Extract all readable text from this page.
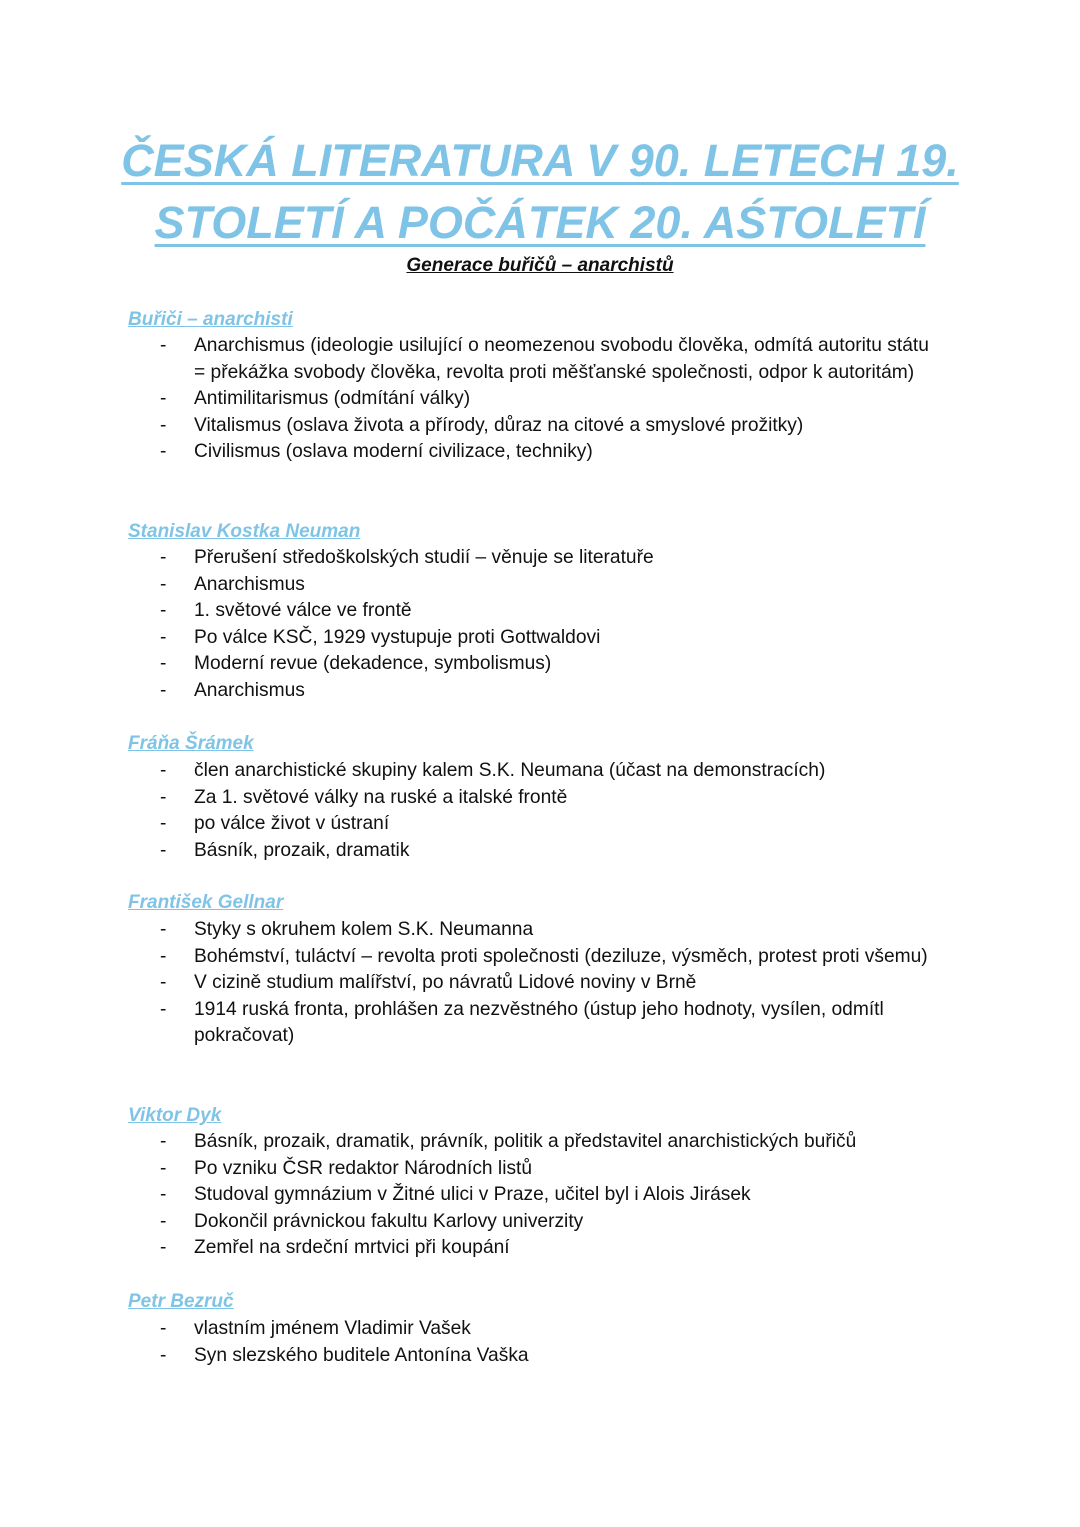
ČESKÁ LITERATURA V 90. LETECH 19.
STOLETÍ A POČÁTEK 20. AŚTOLETÍ
Generace buřičů – anarchistů
Buřiči – anarchisti
- Anarchismus (ideologie usilující o neomezenou svobodu člověka, odmítá autoritu státu = překážka svobody člověka, revolta proti měšťanské společnosti, odpor k autoritám)
- Antimilitarismus (odmítání války)
- Vitalismus (oslava života a přírody, důraz na citové a smyslové prožitky)
- Civilismus (oslava moderní civilizace, techniky)
Stanislav Kostka Neuman
- Přerušení středoškolských studií – věnuje se literatuře
- Anarchismus
- 1. světové válce ve frontě
- Po válce KSČ, 1929 vystupuje proti Gottwaldovi
- Moderní revue (dekadence, symbolismus)
- Anarchismus
Fráňa Šrámek
- člen anarchistické skupiny kalem S.K. Neumana (účast na demonstracích)
- Za 1. světové války na ruské a italské frontě
- po válce život v ústraní
- Básník, prozaik, dramatik
František Gellnar
- Styky s okruhem kolem S.K. Neumanna
- Bohémství, tuláctví – revolta proti společnosti (deziluze, výsměch, protest proti všemu)
- V cizině studium malířství, po návratů Lidové noviny v Brně
- 1914 ruská fronta, prohlášen za nezvěstného (ústup jeho hodnoty, vysílen, odmítl pokračovat)
Viktor Dyk
- Básník, prozaik, dramatik, právník, politik a představitel anarchistických buřičů
- Po vzniku ČSR redaktor Národních listů
- Studoval gymnázium v Žitné ulici v Praze, učitel byl i Alois Jirásek
- Dokončil právnickou fakultu Karlovy univerzity
- Zemřel na srdeční mrtvici při koupání
Petr Bezruč
- vlastním jménem Vladimir Vašek
- Syn slezského buditele Antonína Vaška
